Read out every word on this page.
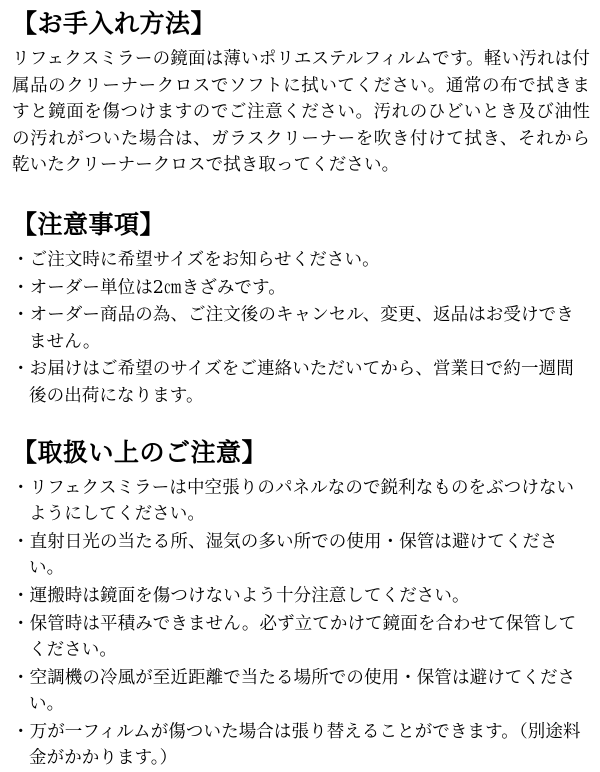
【お手入れ方法】

リフェクスミラーの鏡面は薄いポリエステルフィルムです。軽い汚れは付属品のクリーナークロスでソフトに拭いてください。通常の布で拭きますと鏡面を傷つけますのでご注意ください。汚れのひどいとき及び油性の汚れがついた場合は、ガラスクリーナーを吹き付けて拭き、それから乾いたクリーナークロスで拭き取ってください。

【注意事項】
・ご注文時に希望サイズをお知らせください。
・オーダー単位は2㎝きざみです。
・オーダー商品の為、ご注文後のキャンセル、変更、返品はお受けできません。
・お届けはご希望のサイズをご連絡いただいてから、営業日で約一週間後の出荷になります。
【取扱い上のご注意】
・リフェクスミラーは中空張りのパネルなので鋭利なものをぶつけないようにしてください。
・直射日光の当たる所、湿気の多い所での使用・保管は避けてください。
・運搬時は鏡面を傷つけないよう十分注意してください。
・保管時は平積みできません。必ず立てかけて鏡面を合わせて保管してください。
・空調機の冷風が至近距離で当たる場所での使用・保管は避けてください。
・万が一フィルムが傷ついた場合は張り替えることができます。（別途料金がかかります。）
